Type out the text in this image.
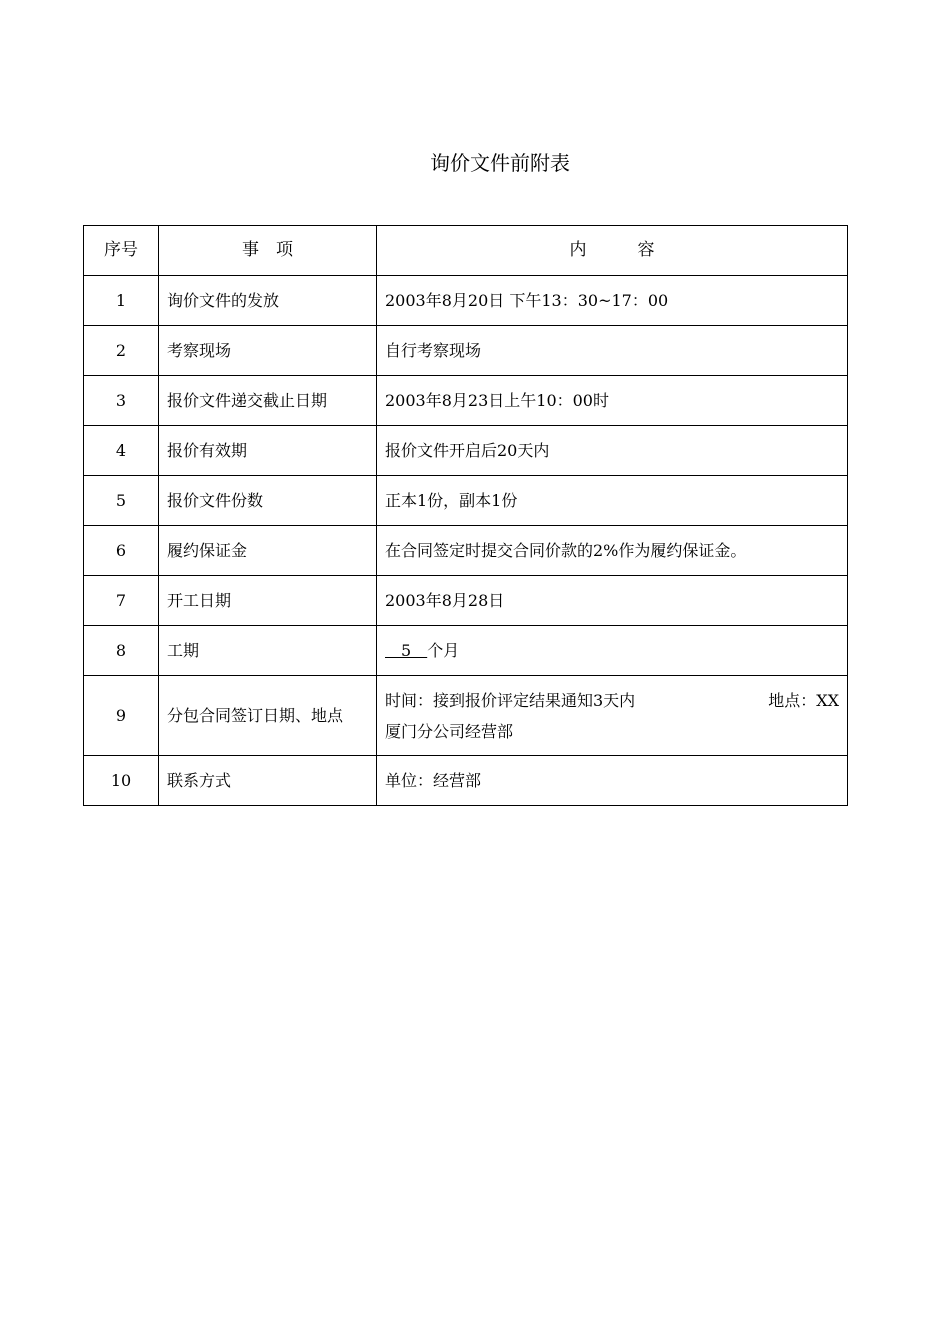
询价文件前附表
序号	事　项	内　　　容
1	询价文件的发放	2003年8月20日 下午13：30~17：00
2	考察现场	自行考察现场
3	报价文件递交截止日期	2003年8月23日上午10：00时
4	报价有效期	报价文件开启后20天内
5	报价文件份数	正本1份，副本1份
6	履约保证金	在合同签定时提交合同价款的2%作为履约保证金。
7	开工日期	2003年8月28日
8	工期	　5　个月
9	分包合同签订日期、地点	时间：接到报价评定结果通知3天内 地点：XX
厦门分公司经营部

10	联系方式	单位：经营部
